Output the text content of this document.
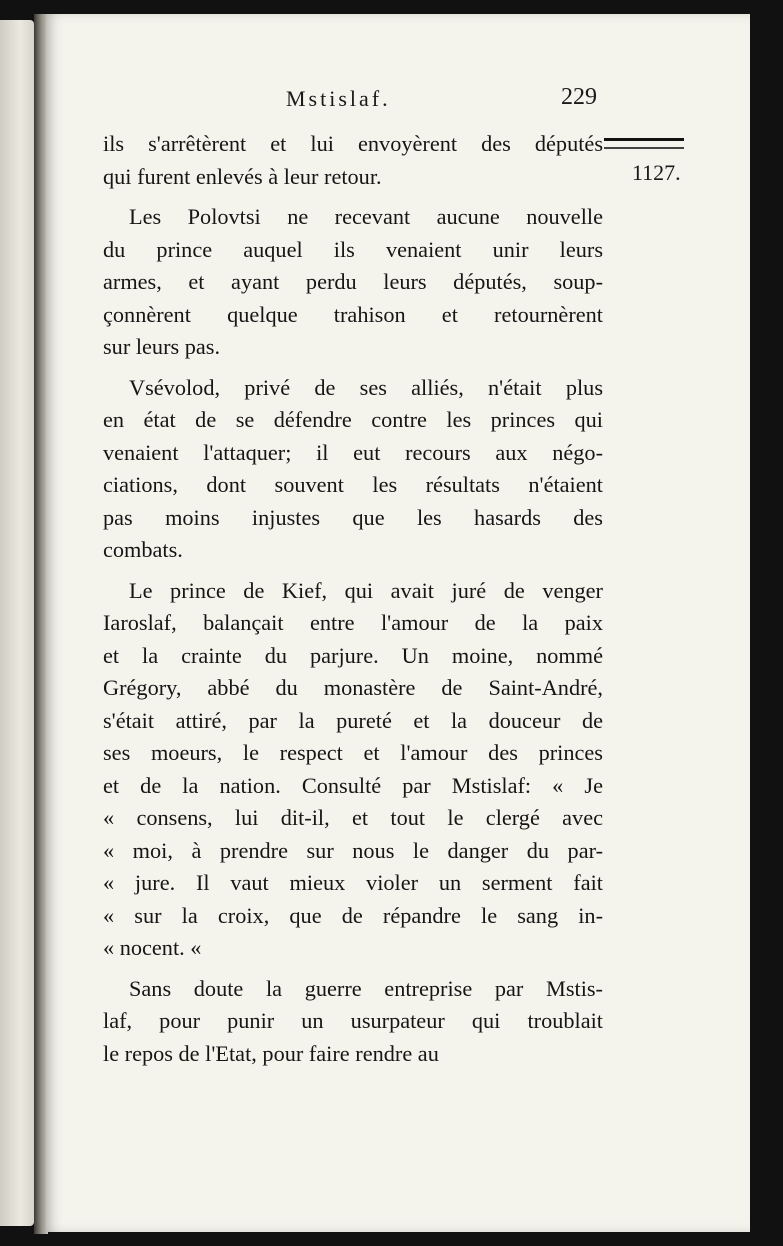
Mstislaf.	229
1127.
ils s'arrêtèrent et lui envoyèrent des députés
qui furent enlevés à leur retour.
Les Polovtsi ne recevant aucune nouvelle
du prince auquel ils venaient unir leurs
armes, et ayant perdu leurs députés, soup-
çonnèrent quelque trahison et retournèrent
sur leurs pas.
Vsévolod, privé de ses alliés, n'était plus
en état de se défendre contre les princes qui
venaient l'attaquer; il eut recours aux négo-
ciations, dont souvent les résultats n'étaient
pas moins injustes que les hasards des
combats.
Le prince de Kief, qui avait juré de venger
Iaroslaf, balançait entre l'amour de la paix
et la crainte du parjure. Un moine, nommé
Grégory, abbé du monastère de Saint-André,
s'était attiré, par la pureté et la douceur de
ses moeurs, le respect et l'amour des princes
et de la nation. Consulté par Mstislaf: « Je
« consens, lui dit-il, et tout le clergé avec
« moi, à prendre sur nous le danger du par-
« jure. Il vaut mieux violer un serment fait
« sur la croix, que de répandre le sang in-
« nocent. «
Sans doute la guerre entreprise par Mstis-
laf, pour punir un usurpateur qui troublait
le repos de l'Etat, pour faire rendre au
